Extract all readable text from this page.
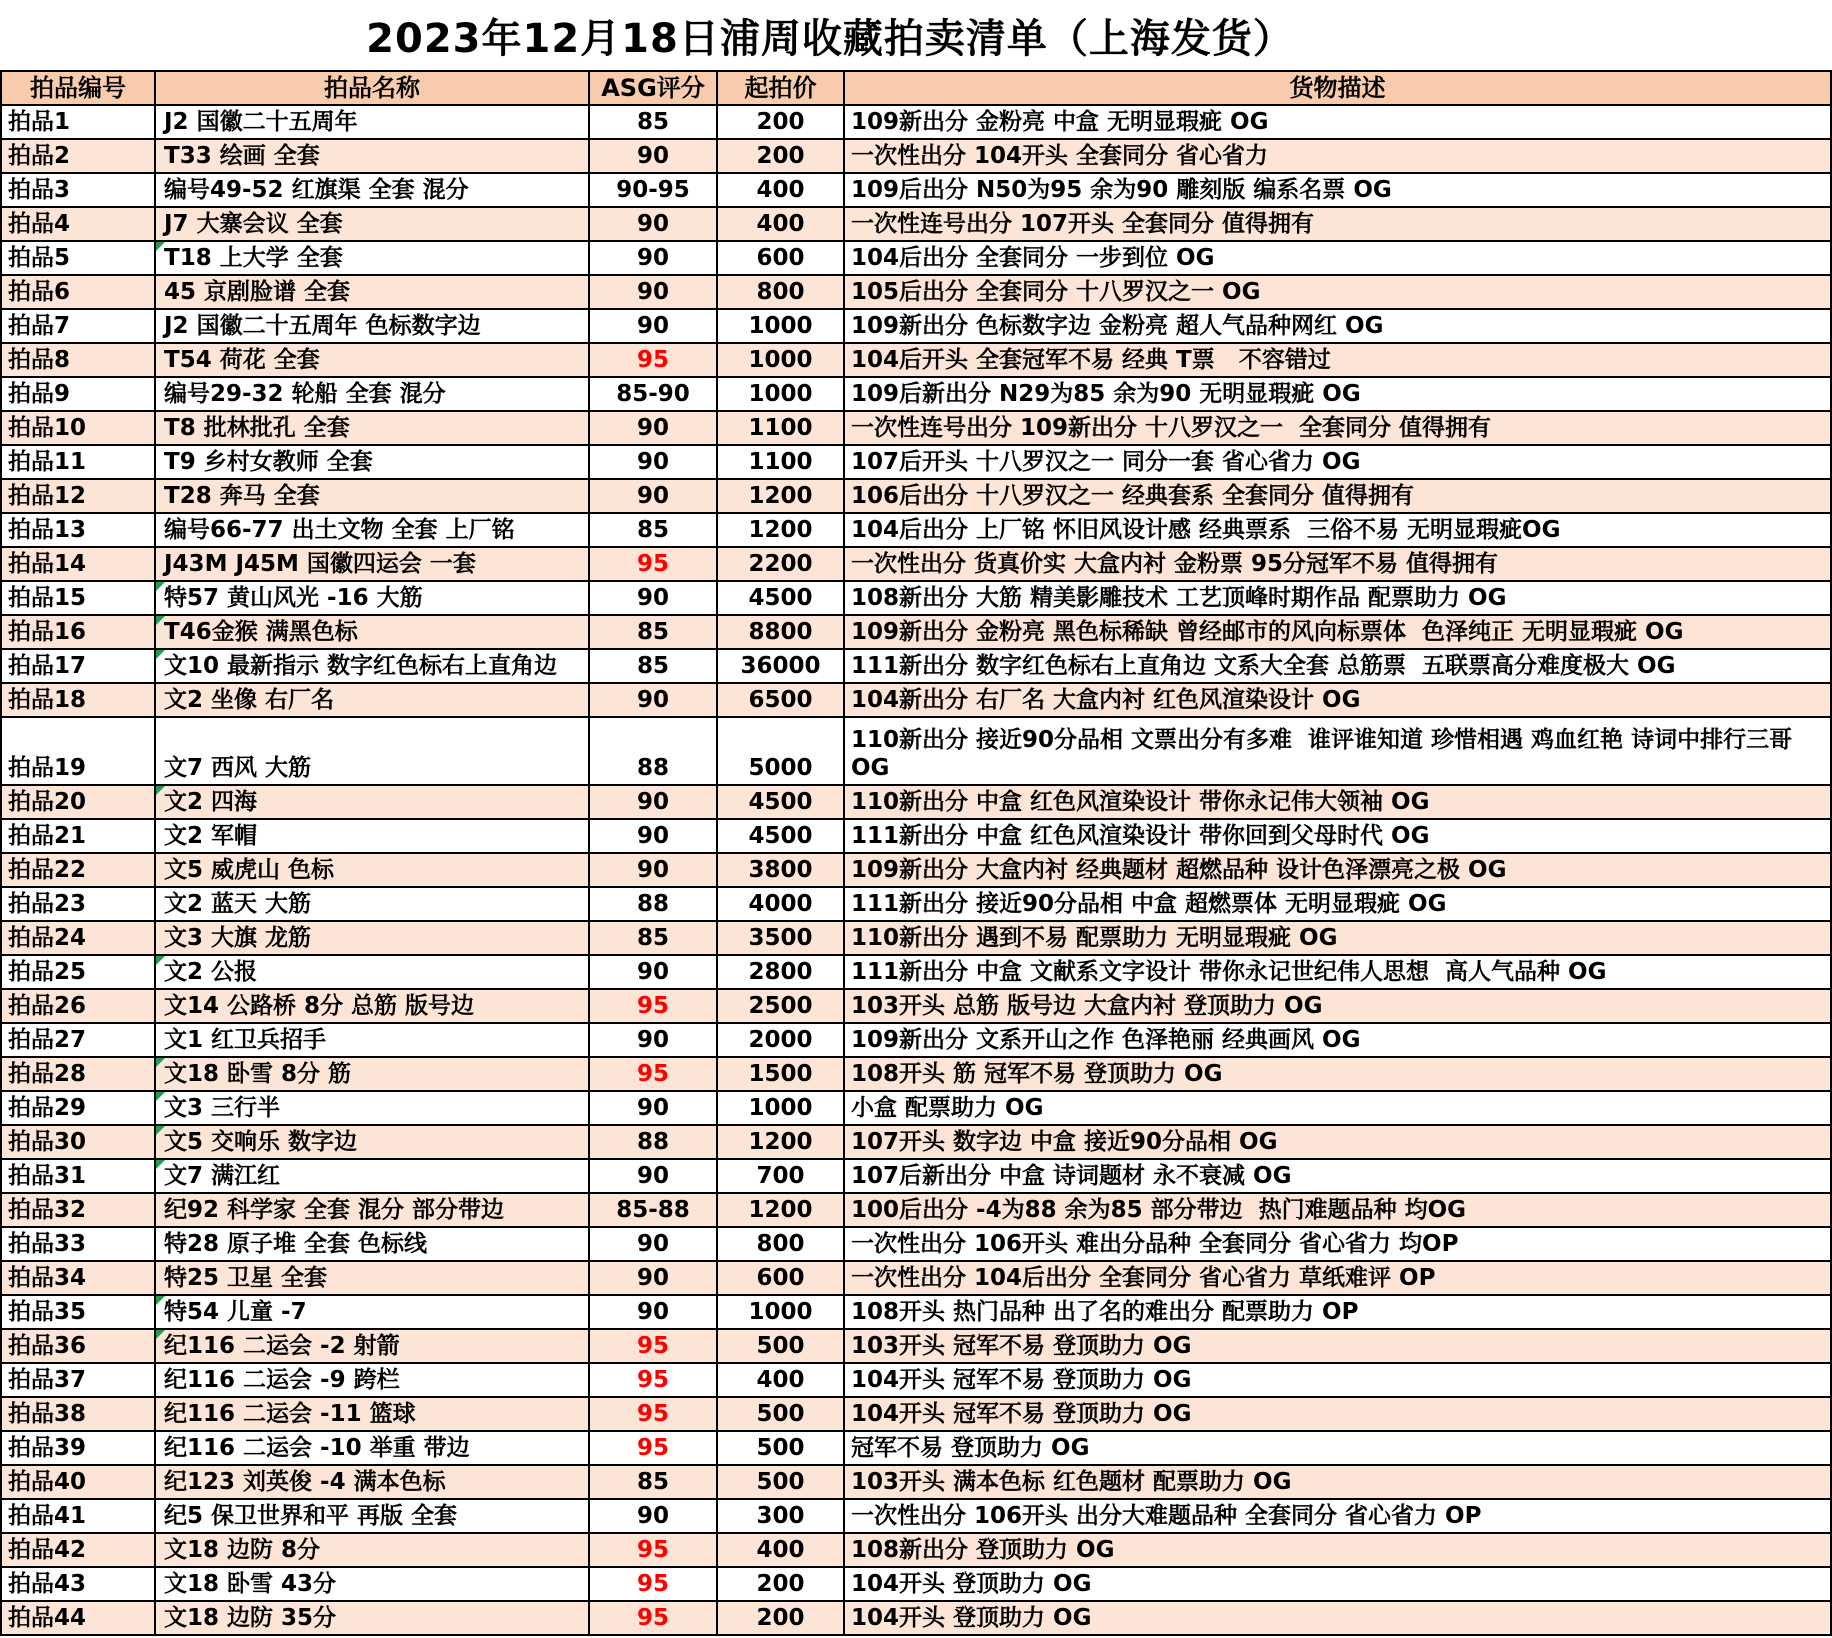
2023年12月18日浦周收藏拍卖清单（上海发货）
拍品编号	拍品名称	ASG评分	起拍价	货物描述
拍品1	J2 国徽二十五周年	85	200 109新出分 金粉亮 中盒 无明显瑕疵 OG
拍品2	T33 绘画 全套	90	200 一次性出分 104开头 全套同分 省心省力
拍品3	编号49-52 红旗渠 全套 混分	90-95	400 109后出分 N50为95 余为90 雕刻版 编系名票 OG
拍品4	J7 大寨会议 全套	90	400 一次性连号出分 107开头 全套同分 值得拥有
拍品5	T18 上大学 全套	90	600 104后出分 全套同分 一步到位 OG
拍品6	45 京剧脸谱 全套	90	800 105后出分 全套同分 十八罗汉之一 OG
拍品7	J2 国徽二十五周年 色标数字边	90	1000 109新出分 色标数字边 金粉亮 超人气品种网红 OG
拍品8	T54 荷花 全套	95	1000 104后开头 全套冠军不易 经典 T票   不容错过
拍品9	编号29-32 轮船 全套 混分	85-90	1000 109后新出分 N29为85 余为90 无明显瑕疵 OG
拍品10	T8 批林批孔 全套	90	1100 一次性连号出分 109新出分 十八罗汉之一  全套同分 值得拥有
拍品11	T9 乡村女教师 全套	90	1100 107后开头 十八罗汉之一 同分一套 省心省力 OG
拍品12	T28 奔马 全套	90	1200 106后出分 十八罗汉之一 经典套系 全套同分 值得拥有
拍品13	编号66-77 出土文物 全套 上厂铭	85	1200 104后出分 上厂铭 怀旧风设计感 经典票系  三俗不易 无明显瑕疵OG
拍品14	J43M J45M 国徽四运会 一套	95	2200 一次性出分 货真价实 大盒内衬 金粉票 95分冠军不易 值得拥有
拍品15	特57 黄山风光 -16 大筋	90	4500 108新出分 大筋 精美影雕技术 工艺顶峰时期作品 配票助力 OG
拍品16	T46金猴 满黑色标	85	8800 109新出分 金粉亮 黑色标稀缺 曾经邮市的风向标票体  色泽纯正 无明显瑕疵 OG
拍品17	文10 最新指示 数字红色标右上直角边	85	36000 111新出分 数字红色标右上直角边 文系大全套 总筋票  五联票高分难度极大 OG
拍品18	文2 坐像 右厂名	90	6500 104新出分 右厂名 大盒内衬 红色风渲染设计 OG
拍品19	文7 西风 大筋	88	5000
110新出分 接近90分品相 文票出分有多难  谁评谁知道 珍惜相遇 鸡血红艳 诗词中排行三哥 OG
拍品20	文2 四海	90	4500 110新出分 中盒 红色风渲染设计 带你永记伟大领袖 OG
拍品21	文2 军帽	90	4500 111新出分 中盒 红色风渲染设计 带你回到父母时代 OG
拍品22	文5 威虎山 色标	90	3800 109新出分 大盒内衬 经典题材 超燃品种 设计色泽漂亮之极 OG
拍品23	文2 蓝天 大筋	88	4000 111新出分 接近90分品相 中盒 超燃票体 无明显瑕疵 OG
拍品24	文3 大旗 龙筋	85	3500 110新出分 遇到不易 配票助力 无明显瑕疵 OG
拍品25	文2 公报	90	2800 111新出分 中盒 文献系文字设计 带你永记世纪伟人思想  高人气品种 OG
拍品26	文14 公路桥 8分 总筋 版号边	95	2500 103开头 总筋 版号边 大盒内衬 登顶助力 OG
拍品27	文1 红卫兵招手	90	2000 109新出分 文系开山之作 色泽艳丽 经典画风 OG
拍品28	文18 卧雪 8分 筋	95	1500 108开头 筋 冠军不易 登顶助力 OG
拍品29	文3 三行半	90	1000 小盒 配票助力 OG
拍品30	文5 交响乐 数字边	88	1200 107开头 数字边 中盒 接近90分品相 OG
拍品31	文7 满江红	90	700 107后新出分 中盒 诗词题材 永不衰减 OG
拍品32	纪92 科学家 全套 混分 部分带边	85-88	1200 100后出分 -4为88 余为85 部分带边  热门难题品种 均OG
拍品33	特28 原子堆 全套 色标线	90	800 一次性出分 106开头 难出分品种 全套同分 省心省力 均OP
拍品34	特25 卫星 全套	90	600 一次性出分 104后出分 全套同分 省心省力 草纸难评 OP
拍品35	特54 儿童 -7	90	1000 108开头 热门品种 出了名的难出分 配票助力 OP
拍品36	纪116 二运会 -2 射箭	95	500 103开头 冠军不易 登顶助力 OG
拍品37	纪116 二运会 -9 跨栏	95	400 104开头 冠军不易 登顶助力 OG
拍品38	纪116 二运会 -11 篮球	95	500 104开头 冠军不易 登顶助力 OG
拍品39	纪116 二运会 -10 举重 带边	95	500 冠军不易 登顶助力 OG
拍品40	纪123 刘英俊 -4 满本色标	85	500 103开头 满本色标 红色题材 配票助力 OG
拍品41	纪5 保卫世界和平 再版 全套	90	300 一次性出分 106开头 出分大难题品种 全套同分 省心省力 OP
拍品42	文18 边防 8分	95	400 108新出分 登顶助力 OG
拍品43	文18 卧雪 43分	95	200 104开头 登顶助力 OG
拍品44	文18 边防 35分	95	200 104开头 登顶助力 OG
